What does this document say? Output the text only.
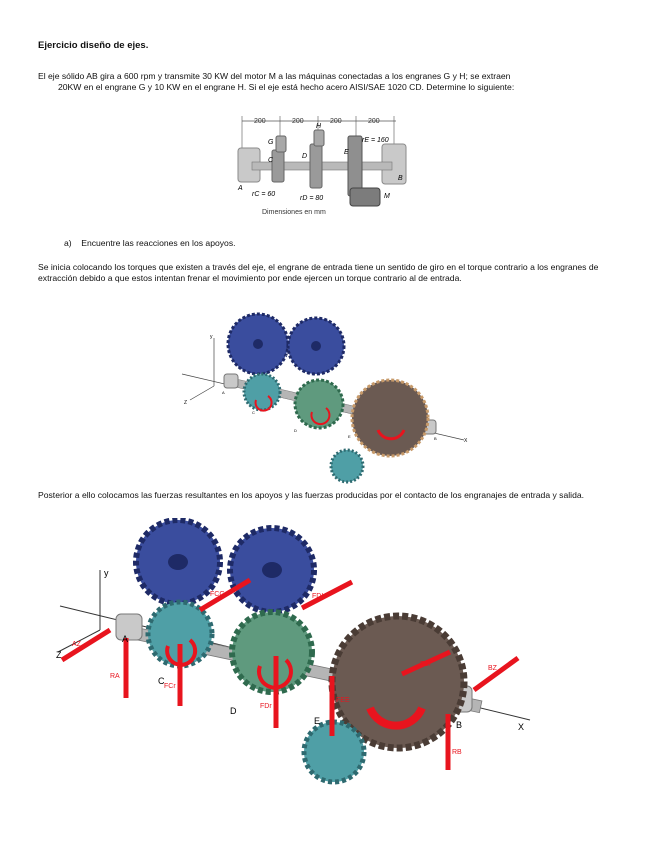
Ejercicio diseño de ejes.
El eje sólido AB gira a 600 rpm y transmite 30 KW del motor M a las máquinas conectadas a los engranes G y H; se extraen
20KW en el engrane G y 10 KW en el engrane H. Si el eje está hecho acero AISI/SAE 1020 CD. Determine lo siguiente:
200	200	200	200
G
H
C
D
E
A
B
M
rE = 160
rC = 60
rD = 80
Dimensiones en mm
a) Encuentre las reacciones en los apoyos.
Se inicia colocando los torques que existen a través del eje, el engrane de entrada tiene un sentido de giro en el torque contrario a los engranes de extracción debido a que estos intentan frenar el movimiento por ende ejercen un torque contrario al de entrada.
y
Z
X
G
H
A
C
D
E	B
Posterior a ello colocamos las fuerzas resultantes en los apoyos y las fuerzas producidas por el contacto de los engranajes de entrada y salida.
y
Z
X
FCG	FDH
FCr
FDr
FEr
FEE
RA
RB
AZ
BZ
A
C
D
E	B
